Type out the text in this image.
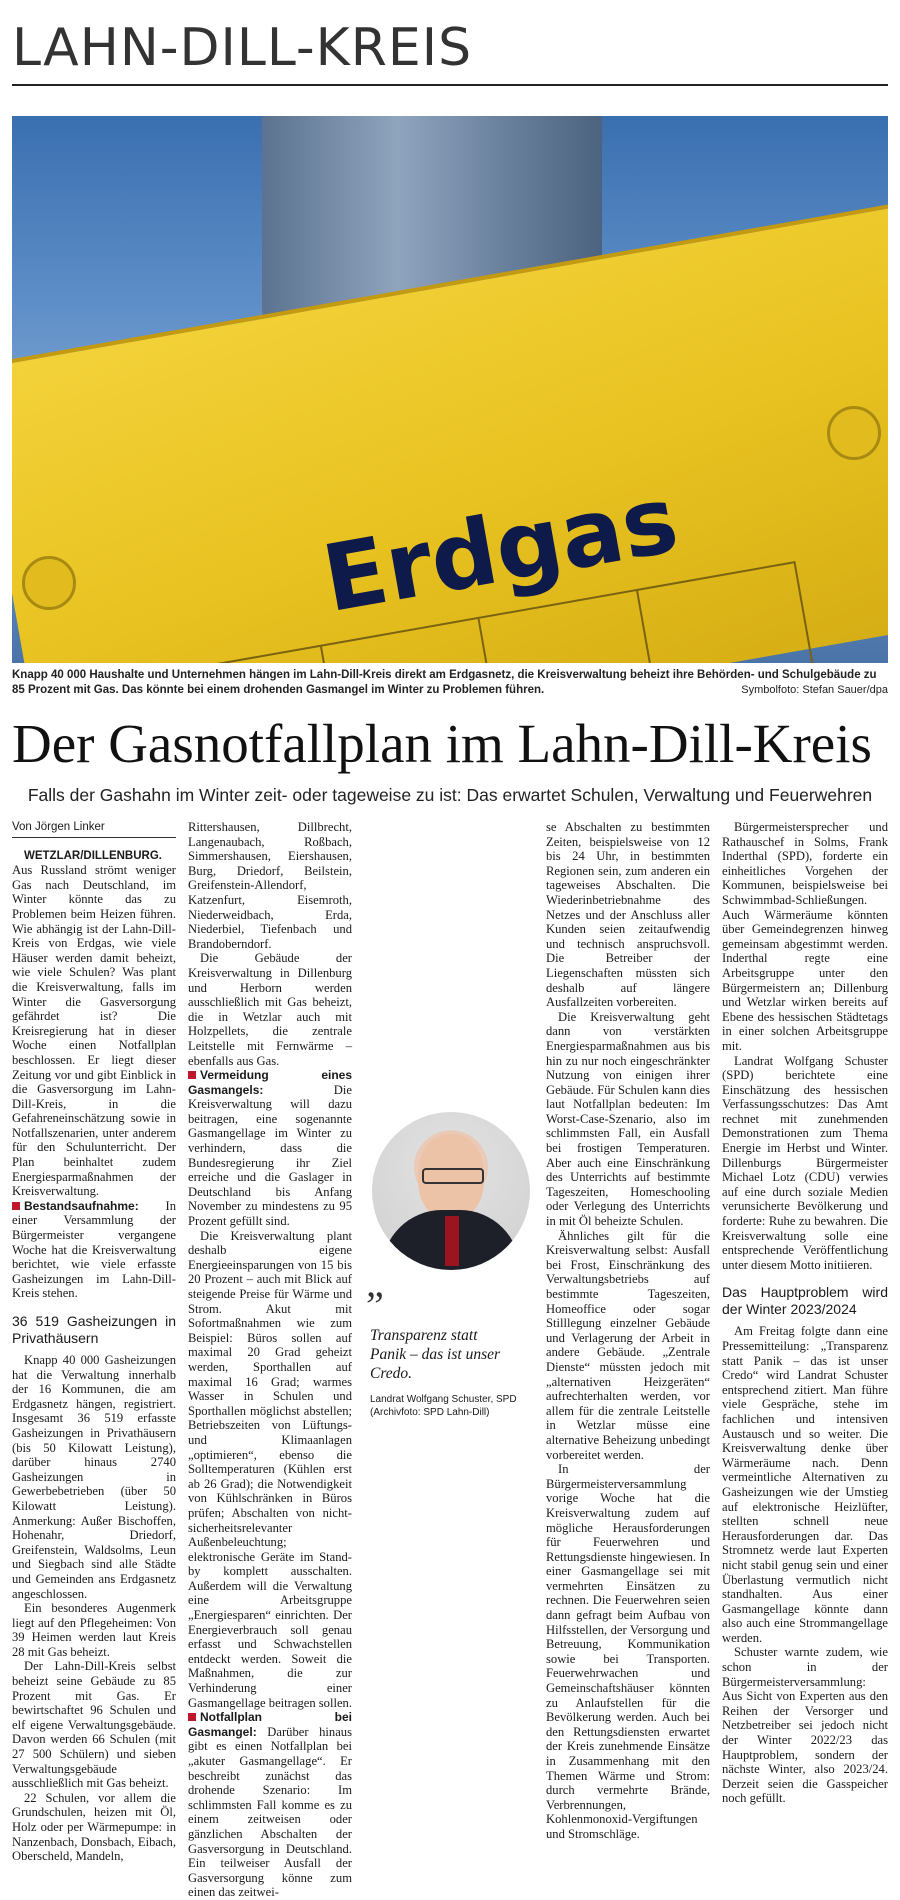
LAHN-DILL-KREIS
Erdgas
Knapp 40 000 Haushalte und Unternehmen hängen im Lahn-Dill-Kreis direkt am Erdgasnetz, die Kreisverwaltung beheizt ihre Behörden- und Schulgebäude zu 85 Prozent mit Gas. Das könnte bei einem drohenden Gasmangel im Winter zu Problemen führen.	Symbolfoto: Stefan Sauer/dpa
Der Gasnotfallplan im Lahn-Dill-Kreis
Falls der Gashahn im Winter zeit- oder tageweise zu ist: Das erwartet Schulen, Verwaltung und Feuerwehren
Von Jörgen Linker

WETZLAR/DILLENBURG. Aus Russland strömt weniger Gas nach Deutschland, im Winter könnte das zu Problemen beim Heizen führen. Wie abhängig ist der Lahn-Dill-Kreis von Erdgas, wie viele Häuser werden damit beheizt, wie viele Schulen? Was plant die Kreisverwaltung, falls im Winter die Gasversorgung gefährdet ist? Die Kreisregierung hat in dieser Woche einen Notfallplan beschlossen. Er liegt dieser Zeitung vor und gibt Einblick in die Gasversorgung im Lahn-Dill-Kreis, in die Gefahreneinschätzung sowie in Notfallszenarien, unter anderem für den Schulunterricht. Der Plan beinhaltet zudem Energiesparmaßnahmen der Kreisverwaltung.

Bestandsaufnahme: In einer Versammlung der Bürgermeister vergangene Woche hat die Kreisverwaltung berichtet, wie viele erfasste Gasheizungen im Lahn-Dill-Kreis stehen.

36 519 Gasheizungen in Privathäusern

Knapp 40 000 Gasheizungen hat die Verwaltung innerhalb der 16 Kommunen, die am Erdgasnetz hängen, registriert. Insgesamt 36 519 erfasste Gasheizungen in Privathäusern (bis 50 Kilowatt Leistung), darüber hinaus 2740 Gasheizungen in Gewerbebetrieben (über 50 Kilowatt Leistung). Anmerkung: Außer Bischoffen, Hohenahr, Driedorf, Greifenstein, Waldsolms, Leun und Siegbach sind alle Städte und Gemeinden ans Erdgasnetz angeschlossen.

Ein besonderes Augenmerk liegt auf den Pflegeheimen: Von 39 Heimen werden laut Kreis 28 mit Gas beheizt.

Der Lahn-Dill-Kreis selbst beheizt seine Gebäude zu 85 Prozent mit Gas. Er bewirtschaftet 96 Schulen und elf eigene Verwaltungsgebäude. Davon werden 66 Schulen (mit 27 500 Schülern) und sieben Verwaltungsgebäude ausschließlich mit Gas beheizt.

22 Schulen, vor allem die Grundschulen, heizen mit Öl, Holz oder per Wärmepumpe: in Nanzenbach, Donsbach, Eibach, Oberscheld, Mandeln,

Rittershausen, Dillbrecht, Langenaubach, Roßbach, Simmershausen, Eiershausen, Burg, Driedorf, Beilstein, Greifenstein-Allendorf, Katzenfurt, Eisemroth, Niederweidbach, Erda, Niederbiel, Tiefenbach und Brandoberndorf.

Die Gebäude der Kreisverwaltung in Dillenburg und Herborn werden ausschließlich mit Gas beheizt, die in Wetzlar auch mit Holzpellets, die zentrale Leitstelle mit Fernwärme – ebenfalls aus Gas.

Vermeidung eines Gasmangels: Die Kreisverwaltung will dazu beitragen, eine sogenannte Gasmangellage im Winter zu verhindern, dass die Bundesregierung ihr Ziel erreiche und die Gaslager in Deutschland bis Anfang November zu mindestens zu 95 Prozent gefüllt sind.

Die Kreisverwaltung plant deshalb eigene Energieeinsparungen von 15 bis 20 Prozent – auch mit Blick auf steigende Preise für Wärme und Strom. Akut mit Sofortmaßnahmen wie zum Beispiel: Büros sollen auf maximal 20 Grad geheizt werden, Sporthallen auf maximal 16 Grad; warmes Wasser in Schulen und Sporthallen möglichst abstellen; Betriebszeiten von Lüftungs- und Klimaanlagen „optimieren“, ebenso die Solltemperaturen (Kühlen erst ab 26 Grad); die Notwendigkeit von Kühlschränken in Büros prüfen; Abschalten von nicht-sicherheitsrelevanter Außenbeleuchtung; elektronische Geräte im Stand-by komplett ausschalten. Außerdem will die Verwaltung eine Arbeitsgruppe „Energiesparen“ einrichten. Der Energieverbrauch soll genau erfasst und Schwachstellen entdeckt werden. Soweit die Maßnahmen, die zur Verhinderung einer Gasmangellage beitragen sollen.

Notfallplan bei Gasmangel: Darüber hinaus gibt es einen Notfallplan bei „akuter Gasmangellage“. Er beschreibt zunächst das drohende Szenario: Im schlimmsten Fall komme es zu einem zeitweisen oder gänzlichen Abschalten der Gasversorgung in Deutschland. Ein teilweiser Ausfall der Gasversorgung könne zum einen das zeitwei-

”
Transparenz statt Panik – das ist unser Credo.
Landrat Wolfgang Schuster, SPD (Archivfoto: SPD Lahn-Dill)

se Abschalten zu bestimmten Zeiten, beispielsweise von 12 bis 24 Uhr, in bestimmten Regionen sein, zum anderen ein tageweises Abschalten. Die Wiederinbetriebnahme des Netzes und der Anschluss aller Kunden seien zeitaufwendig und technisch anspruchsvoll. Die Betreiber der Liegenschaften müssten sich deshalb auf längere Ausfallzeiten vorbereiten.

Die Kreisverwaltung geht dann von verstärkten Energiesparmaßnahmen aus bis hin zu nur noch eingeschränkter Nutzung von einigen ihrer Gebäude. Für Schulen kann dies laut Notfallplan bedeuten: Im Worst-Case-Szenario, also im schlimmsten Fall, ein Ausfall bei frostigen Temperaturen. Aber auch eine Einschränkung des Unterrichts auf bestimmte Tageszeiten, Homeschooling oder Verlegung des Unterrichts in mit Öl beheizte Schulen.

Ähnliches gilt für die Kreisverwaltung selbst: Ausfall bei Frost, Einschränkung des Verwaltungsbetriebs auf bestimmte Tageszeiten, Homeoffice oder sogar Stilllegung einzelner Gebäude und Verlagerung der Arbeit in andere Gebäude. „Zentrale Dienste“ müssten jedoch mit „alternativen Heizgeräten“ aufrechterhalten werden, vor allem für die zentrale Leitstelle in Wetzlar müsse eine alternative Beheizung unbedingt vorbereitet werden.

In der Bürgermeisterversammlung vorige Woche hat die Kreisverwaltung zudem auf mögliche Herausforderungen für Feuerwehren und Rettungsdienste hingewiesen. In einer Gasmangellage sei mit vermehrten Einsätzen zu rechnen. Die Feuerwehren seien dann gefragt beim Aufbau von Hilfsstellen, der Versorgung und Betreuung, Kommunikation sowie bei Transporten. Feuerwehrwachen und Gemeinschaftshäuser könnten zu Anlaufstellen für die Bevölkerung werden. Auch bei den Rettungsdiensten erwartet der Kreis zunehmende Einsätze in Zusammenhang mit den Themen Wärme und Strom: durch vermehrte Brände, Verbrennungen, Kohlenmonoxid-Vergiftungen und Stromschläge.

Bürgermeistersprecher und Rathauschef in Solms, Frank Inderthal (SPD), forderte ein einheitliches Vorgehen der Kommunen, beispielsweise bei Schwimmbad-Schließungen. Auch Wärmeräume könnten über Gemeindegrenzen hinweg gemeinsam abgestimmt werden. Inderthal regte eine Arbeitsgruppe unter den Bürgermeistern an; Dillenburg und Wetzlar wirken bereits auf Ebene des hessischen Städtetags in einer solchen Arbeitsgruppe mit.

Landrat Wolfgang Schuster (SPD) berichtete eine Einschätzung des hessischen Verfassungsschutzes: Das Amt rechnet mit zunehmenden Demonstrationen zum Thema Energie im Herbst und Winter. Dillenburgs Bürgermeister Michael Lotz (CDU) verwies auf eine durch soziale Medien verunsicherte Bevölkerung und forderte: Ruhe zu bewahren. Die Kreisverwaltung solle eine entsprechende Veröffentlichung unter diesem Motto initiieren.

Das Hauptproblem wird der Winter 2023/2024

Am Freitag folgte dann eine Pressemitteilung: „Transparenz statt Panik – das ist unser Credo“ wird Landrat Schuster entsprechend zitiert. Man führe viele Gespräche, stehe im fachlichen und intensiven Austausch und so weiter. Die Kreisverwaltung denke über Wärmeräume nach. Denn vermeintliche Alternativen zu Gasheizungen wie der Umstieg auf elektronische Heizlüfter, stellten schnell neue Herausforderungen dar. Das Stromnetz werde laut Experten nicht stabil genug sein und einer Überlastung vermutlich nicht standhalten. Aus einer Gasmangellage könnte dann also auch eine Strommangellage werden.

Schuster warnte zudem, wie schon in der Bürgermeisterversammlung: Aus Sicht von Experten aus den Reihen der Versorger und Netzbetreiber sei jedoch nicht der Winter 2022/23 das Hauptproblem, sondern der nächste Winter, also 2023/24. Derzeit seien die Gasspeicher noch gefüllt.
